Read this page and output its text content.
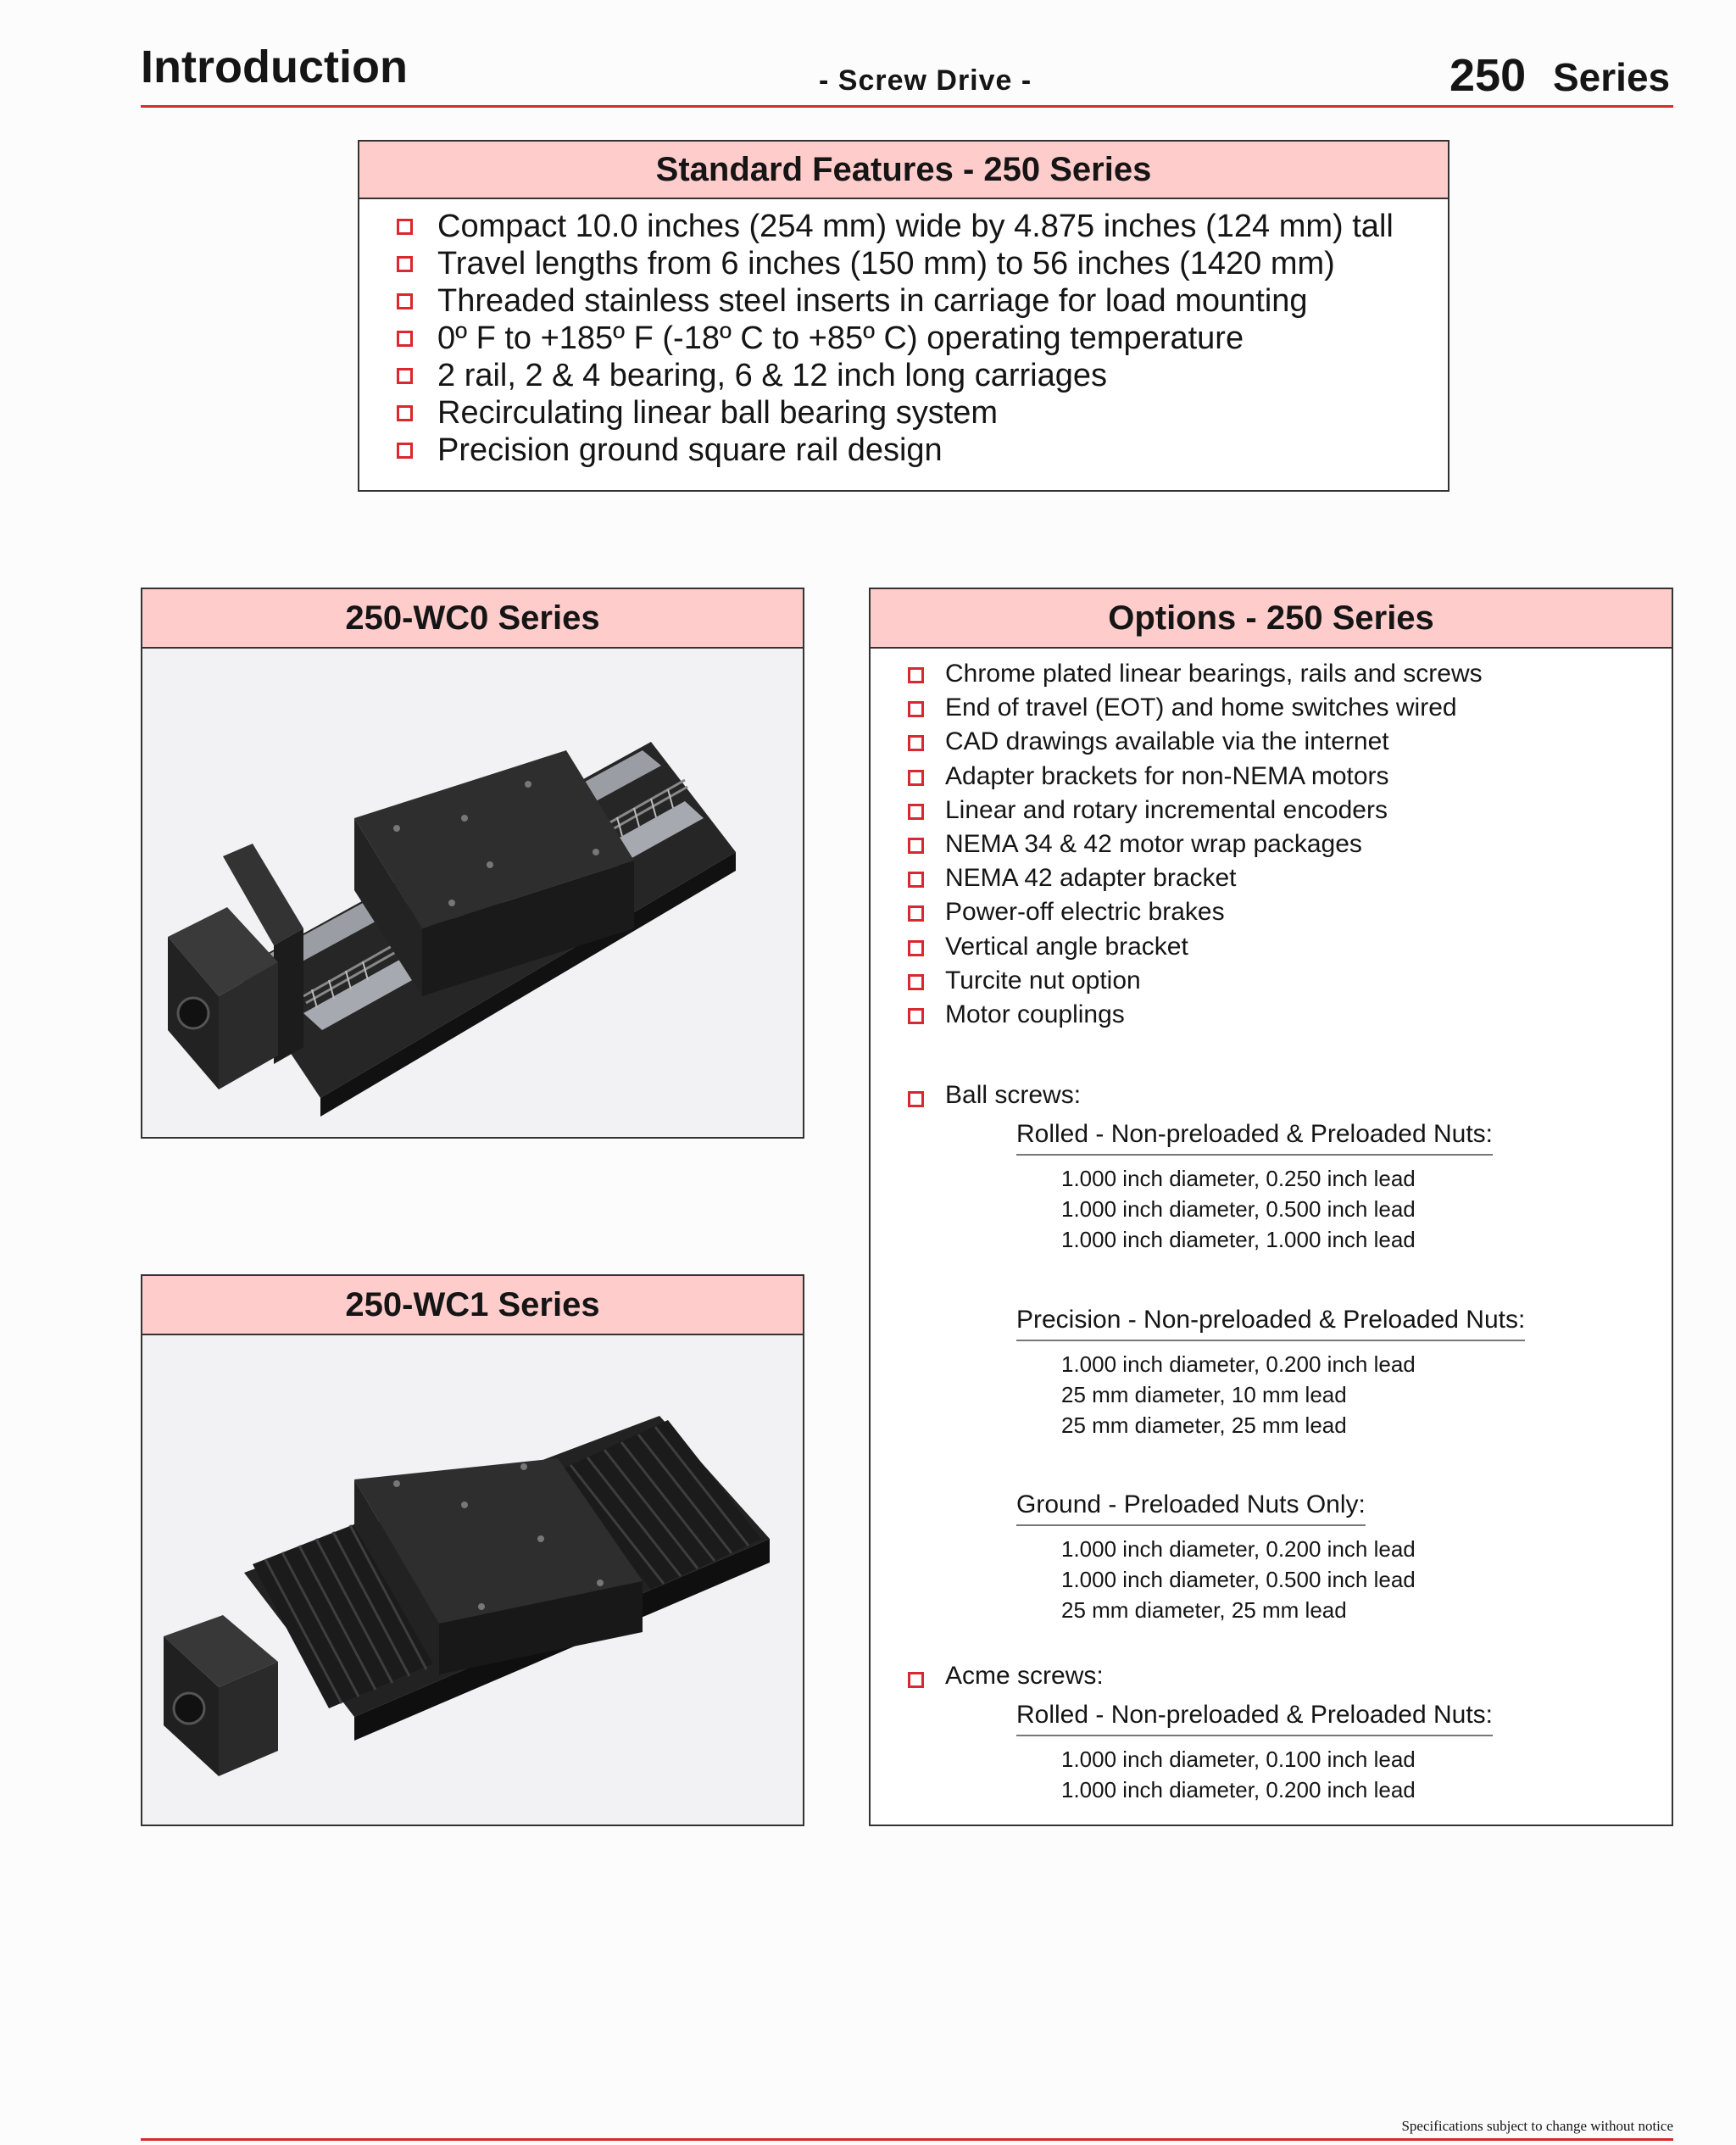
Introduction	- Screw Drive -	250 Series
Standard Features - 250 Series
Compact 10.0 inches (254 mm) wide by 4.875 inches (124 mm) tall
Travel lengths from 6 inches (150 mm) to 56 inches (1420 mm)
Threaded stainless steel inserts in carriage for load mounting
0º F to +185º F (-18º C to +85º C) operating temperature
2 rail, 2 & 4 bearing, 6 & 12 inch long carriages
Recirculating linear ball bearing system
Precision ground square rail design
250-WC0 Series
250-WC1 Series
Options - 250 Series
Chrome plated linear bearings, rails and screws
End of travel (EOT) and home switches wired
CAD drawings available via the internet
Adapter brackets for non-NEMA motors
Linear and rotary incremental encoders
NEMA 34 & 42 motor wrap packages
NEMA 42 adapter bracket
Power-off electric brakes
Vertical angle bracket
Turcite nut option
Motor couplings
Ball screws:
Rolled - Non-preloaded & Preloaded Nuts:
1.000 inch diameter, 0.250 inch lead
1.000 inch diameter, 0.500 inch lead
1.000 inch diameter, 1.000 inch lead
Precision - Non-preloaded & Preloaded Nuts:
1.000 inch diameter, 0.200 inch lead
25 mm diameter, 10 mm lead
25 mm diameter, 25 mm lead
Ground - Preloaded Nuts Only:
1.000 inch diameter, 0.200 inch lead
1.000 inch diameter, 0.500 inch lead
25 mm diameter, 25 mm lead
Acme screws:
Rolled - Non-preloaded & Preloaded Nuts:
1.000 inch diameter, 0.100 inch lead
1.000 inch diameter, 0.200 inch lead
Specifications subject to change without notice
